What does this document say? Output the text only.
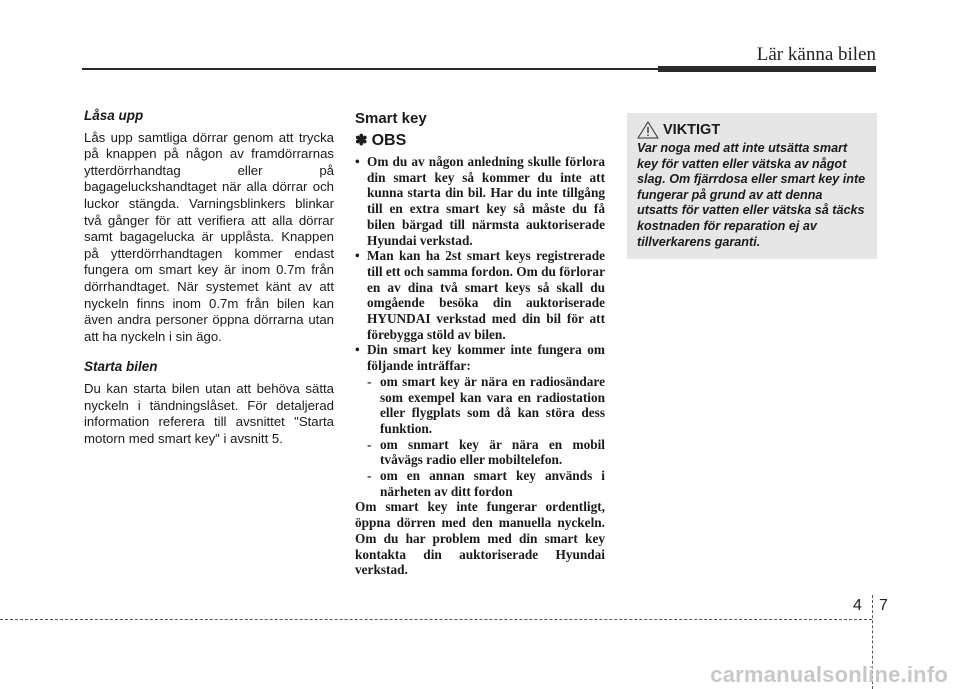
Lär känna bilen
Låsa upp

Lås upp samtliga dörrar genom att trycka på knappen på någon av framdörrarnas ytterdörrhandtag eller på bagageluckshandtaget när alla dörrar och luckor stängda. Varningsblinkers blinkar två gånger för att verifiera att alla dörrar samt bagagelucka är upplåsta. Knappen på ytterdörrhandtagen kommer endast fungera om smart key är inom 0.7m från dörrhandtaget. När systemet känt av att nyckeln finns inom 0.7m från bilen kan även andra personer öppna dörrarna utan att ha nyckeln i sin ägo.

Starta bilen

Du kan starta bilen utan att behöva sätta nyckeln i tändningslåset. För detaljerad information referera till avsnittet "Starta motorn med smart key" i avsnitt 5.

Smart key
✽ OBS
• Om du av någon anledning skulle förlora din smart key så kommer du inte att kunna starta din bil. Har du inte tillgång till en extra smart key så måste du få bilen bärgad till närmsta auktoriserade Hyundai verkstad.
• Man kan ha 2st smart keys registrerade till ett och samma fordon. Om du förlorar en av dina två smart keys så skall du omgående besöka din auktoriserade HYUNDAI verkstad med din bil för att förebygga stöld av bilen.
• Din smart key kommer inte fungera om följande inträffar:
- om smart key är nära en radiosändare som exempel kan vara en radiostation eller flygplats som då kan störa dess funktion.
- om snmart key är nära en mobil tvåvägs radio eller mobiltelefon.
- om en annan smart key används i närheten av ditt fordon

Om smart key inte fungerar ordentligt, öppna dörren med den manuella nyckeln. Om du har problem med din smart key kontakta din auktoriserade Hyundai verkstad.

VIKTIGT

Var noga med att inte utsätta smart key för vatten eller vätska av något slag. Om fjärrdosa eller smart key inte fungerar på grund av att denna utsatts för vatten eller vätska så täcks kostnaden för reparation ej av tillverkarens garanti.

4 7
carmanualsonline.info
